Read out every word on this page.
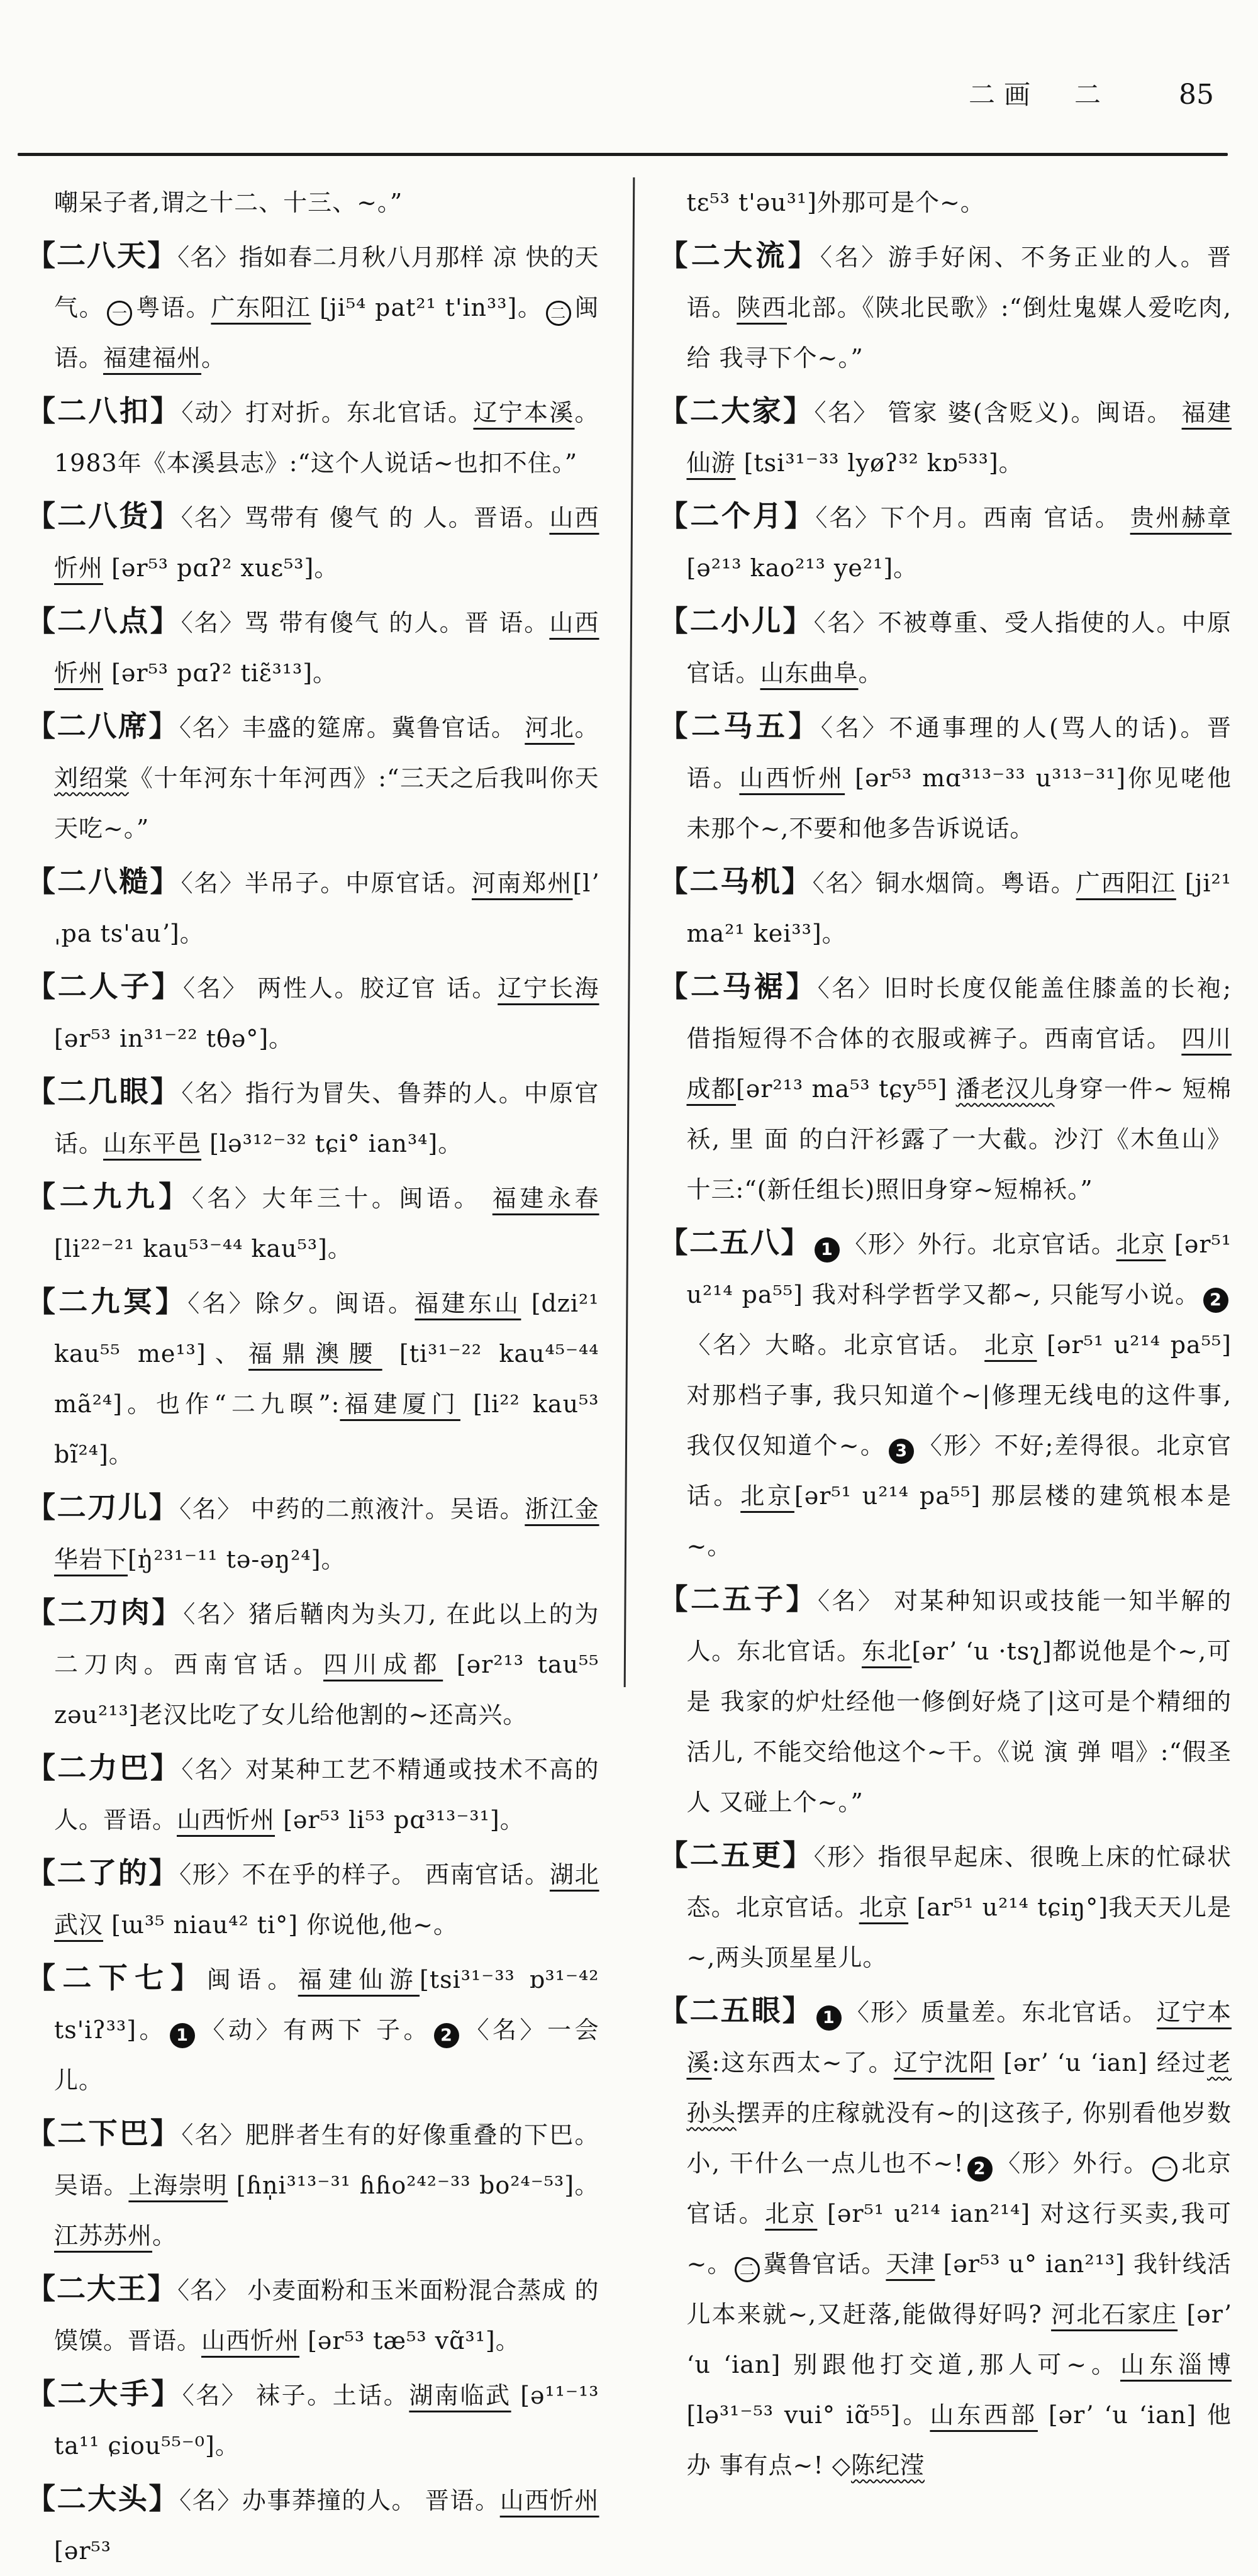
二画　二	85

嘲呆子者,谓之十二、十三、~。”

【二八天】〈名〉指如春二月秋八月那样 凉 快的天气。 一 粤语。广东阳江 [ji⁵⁴ pat²¹ t'in³³]。 二 闽语。福建福州。

【二八扣】〈动〉打对折。东北官话。辽宁本溪。1983年《本溪县志》:“这个人说话~也扣不住。”

【二八货】〈名〉骂带有 傻气 的 人。晋语。山西忻州 [ər⁵³ pɑʔ² xuɛ⁵³]。

【二八点】〈名〉骂 带有傻气 的人。晋 语。山西忻州 [ər⁵³ pɑʔ² tiɛ̃³¹³]。

【二八席】〈名〉丰盛的筵席。冀鲁官话。 河北。刘绍棠《十年河东十年河西》:“三天之后我叫你天天吃~。”

【二八糙】〈名〉半吊子。中原官话。河南郑州[lʼ ˌpa ts'auʼ]。

【二人子】〈名〉 两性人。胶辽官 话。辽宁长海 [ər⁵³ in³¹⁻²² tθə°]。

【二几眼】〈名〉指行为冒失、鲁莽的人。中原官话。山东平邑 [lə³¹²⁻³² tɕi° ian³⁴]。

【二九九】〈名〉大年三十。闽语。 福建永春 [li²²⁻²¹ kau⁵³⁻⁴⁴ kau⁵³]。

【二九冥】〈名〉除夕。闽语。福建东山 [dzi²¹ kau⁵⁵ me¹³]、福鼎澳腰 [ti³¹⁻²² kau⁴⁵⁻⁴⁴ mã²⁴]。也作“二九暝”:福建厦门 [li²² kau⁵³ bĩ²⁴]。

【二刀儿】〈名〉 中药的二煎液汁。吴语。浙江金华岩下[ŋ̍²³¹⁻¹¹ tə-əŋ²⁴]。

【二刀肉】〈名〉猪后鞧肉为头刀, 在此以上的为 二刀肉。西南官话。四川成都 [ər²¹³ tau⁵⁵ zəu²¹³]老汉比吃了女儿给他割的~还高兴。

【二力巴】〈名〉对某种工艺不精通或技术不高的 人。晋语。山西忻州 [ər⁵³ li⁵³ pɑ³¹³⁻³¹]。

【二了的】〈形〉不在乎的样子。 西南官话。湖北武汉 [ɯ³⁵ niau⁴² ti°] 你说他,他~。

【二下七】闽语。福建仙游[tsi³¹⁻³³ ɒ³¹⁻⁴² ts'iʔ³³]。 1 〈动〉有两下 子。 2 〈名〉一会儿。

【二下巴】〈名〉肥胖者生有的好像重叠的下巴。吴语。上海崇明 [ɦn̩i³¹³⁻³¹ ɦɦo²⁴²⁻³³ bo²⁴⁻⁵³]。江苏苏州。

【二大王】〈名〉 小麦面粉和玉米面粉混合蒸成 的 馍馍。晋语。山西忻州 [ər⁵³ tæ⁵³ vɑ̃³¹]。

【二大手】〈名〉 袜子。土话。湖南临武 [ə¹¹⁻¹³ ta¹¹ ɕiou⁵⁵⁻⁰]。

【二大头】〈名〉办事莽撞的人。 晋语。山西忻州 [ər⁵³

tɛ⁵³ t'əu³¹]外那可是个~。

【二大流】〈名〉游手好闲、不务正业的人。晋语。陕西北部。《陕北民歌》:“倒灶鬼媒人爱吃肉, 给 我寻下个~。”

【二大家】〈名〉 管家 婆(含贬义)。闽语。 福建仙游 [tsi³¹⁻³³ lyøʔ³² kɒ⁵³³]。

【二个月】〈名〉下个月。西南 官话。 贵州赫章 [ə²¹³ kao²¹³ ye²¹]。

【二小儿】〈名〉不被尊重、受人指使的人。中原官话。山东曲阜。

【二马五】〈名〉不通事理的人(骂人的话)。晋 语。山西忻州 [ər⁵³ mɑ³¹³⁻³³ u³¹³⁻³¹]你见咾他未那个~,不要和他多告诉说话。

【二马机】〈名〉铜水烟筒。粤语。广西阳江 [ji²¹ ma²¹ kei³³]。

【二马裾】〈名〉旧时长度仅能盖住膝盖的长袍; 借指短得不合体的衣服或裤子。西南官话。 四川成都[ər²¹³ ma⁵³ tɕy⁵⁵] 潘老汉儿身穿一件~ 短棉袄, 里 面 的白汗衫露了一大截。沙汀《木鱼山》十三:“(新任组长)照旧身穿~短棉袄。”

【二五八】 1 〈形〉外行。北京官话。北京 [ər⁵¹ u²¹⁴ pa⁵⁵] 我对科学哲学又都~, 只能写小说。 2〈名〉大略。北京官话。 北京 [ər⁵¹ u²¹⁴ pa⁵⁵] 对那档子事, 我只知道个~|修理无线电的这件事, 我仅仅知道个~。 3 〈形〉不好;差得很。北京官话。北京[ər⁵¹ u²¹⁴ pa⁵⁵] 那层楼的建筑根本是~。

【二五子】〈名〉 对某种知识或技能一知半解的人。东北官话。东北[ərʼ ʻu ·tsʅ]都说他是个~,可是 我家的炉灶经他一修倒好烧了|这可是个精细的活儿, 不能交给他这个~干。《说 演 弹 唱》:“假圣人 又碰上个~。”

【二五更】〈形〉指很早起床、很晚上床的忙碌状态。北京官话。北京 [ar⁵¹ u²¹⁴ tɕiŋ°]我天天儿是~,两头顶星星儿。

【二五眼】 1 〈形〉质量差。东北官话。 辽宁本溪:这东西太~了。辽宁沈阳 [ərʼ ʻu ʻian] 经过老孙头摆弄的庄稼就没有~的|这孩子, 你别看他岁数小, 干什么一点儿也不~! 2 〈形〉外行。 一 北京官话。北京 [ər⁵¹ u²¹⁴ ian²¹⁴] 对这行买卖,我可~。 二 冀鲁官话。天津 [ər⁵³ u° ian²¹³] 我针线活儿本来就~,又赶落,能做得好吗? 河北石家庄 [ərʼ ʻu ʻian] 别跟他打交道,那人可~。山东淄博 [lə³¹⁻⁵³ vui° iɑ̃⁵⁵]。山东西部 [ərʼ ʻu ʻian] 他 办 事有点~! ◇陈纪滢
